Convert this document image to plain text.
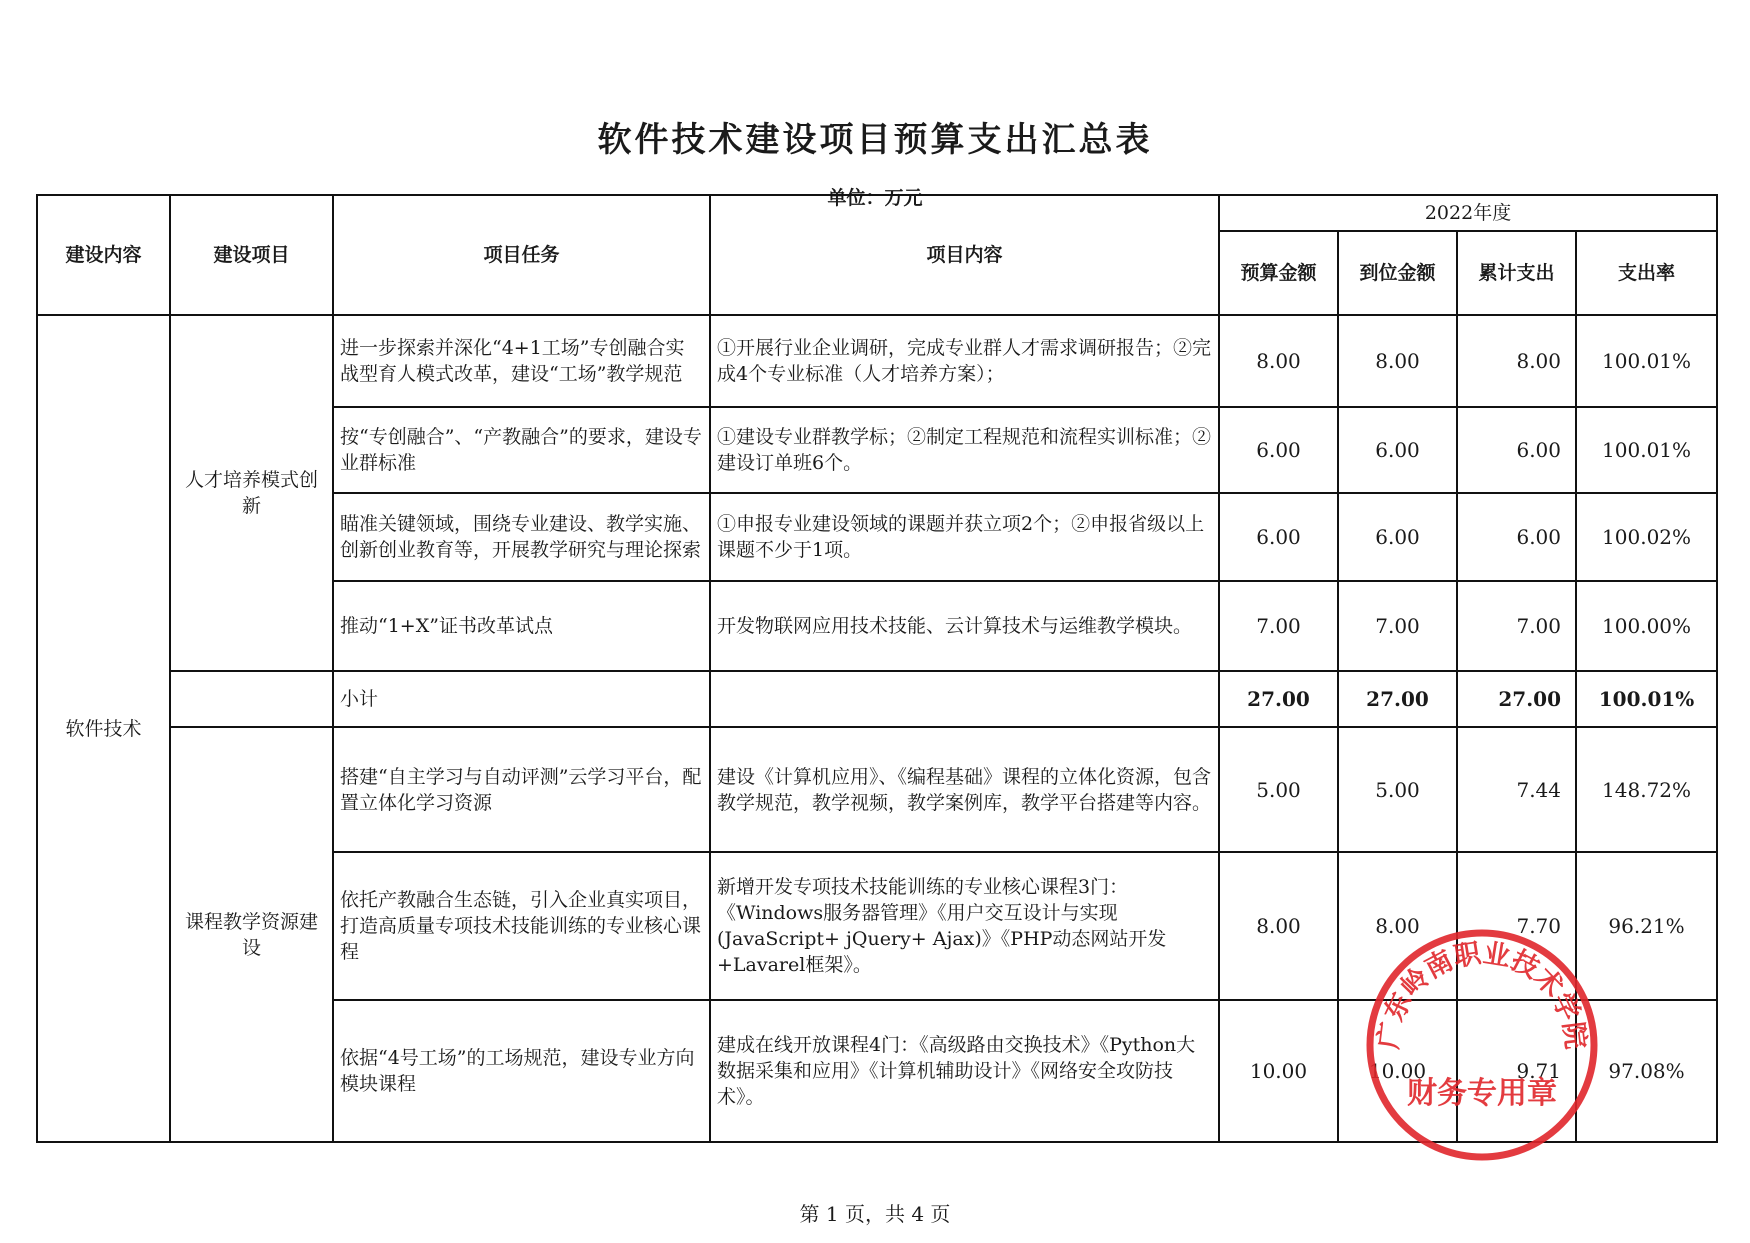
软件技术建设项目预算支出汇总表
单位：万元
建设内容	建设项目	项目任务	项目内容	2022年度			
				预算金额	到位金额	累计支出	支出率
软件技术	人才培养模式创新	进一步探索并深化“4+1工场”专创融合实战型育人模式改革，建设“工场”教学规范	①开展行业企业调研，完成专业群人才需求调研报告；②完成4个专业标准（人才培养方案）；	8.00	8.00	8.00	100.01%
		按“专创融合”、“产教融合”的要求，建设专业群标准	①建设专业群教学标；②制定工程规范和流程实训标准；②建设订单班6个。	6.00	6.00	6.00	100.01%
		瞄准关键领域，围绕专业建设、教学实施、创新创业教育等，开展教学研究与理论探索	①申报专业建设领域的课题并获立项2个；②申报省级以上课题不少于1项。	6.00	6.00	6.00	100.02%
		推动“1+X”证书改革试点	开发物联网应用技术技能、云计算技术与运维教学模块。	7.00	7.00	7.00	100.00%
		小计		27.00	27.00	27.00	100.01%
	课程教学资源建设	搭建“自主学习与自动评测”云学习平台，配置立体化学习资源	建设《计算机应用》、《编程基础》课程的立体化资源，包含教学规范，教学视频，教学案例库，教学平台搭建等内容。	5.00	5.00	7.44	148.72%
		依托产教融合生态链，引入企业真实项目，打造高质量专项技术技能训练的专业核心课程	新增开发专项技术技能训练的专业核心课程3门：《Windows服务器管理》《用户交互设计与实现(JavaScript+ jQuery+ Ajax)》《PHP动态网站开发+Lavarel框架》。	8.00	8.00	7.70	96.21%
		依据“4号工场”的工场规范，建设专业方向模块课程	建成在线开放课程4门：《高级路由交换技术》《Python大数据采集和应用》《计算机辅助设计》《网络安全攻防技术》。	10.00	10.00	9.71	97.08%
广东岭南职业技术学院
财务专用章
第 1 页，共 4 页
